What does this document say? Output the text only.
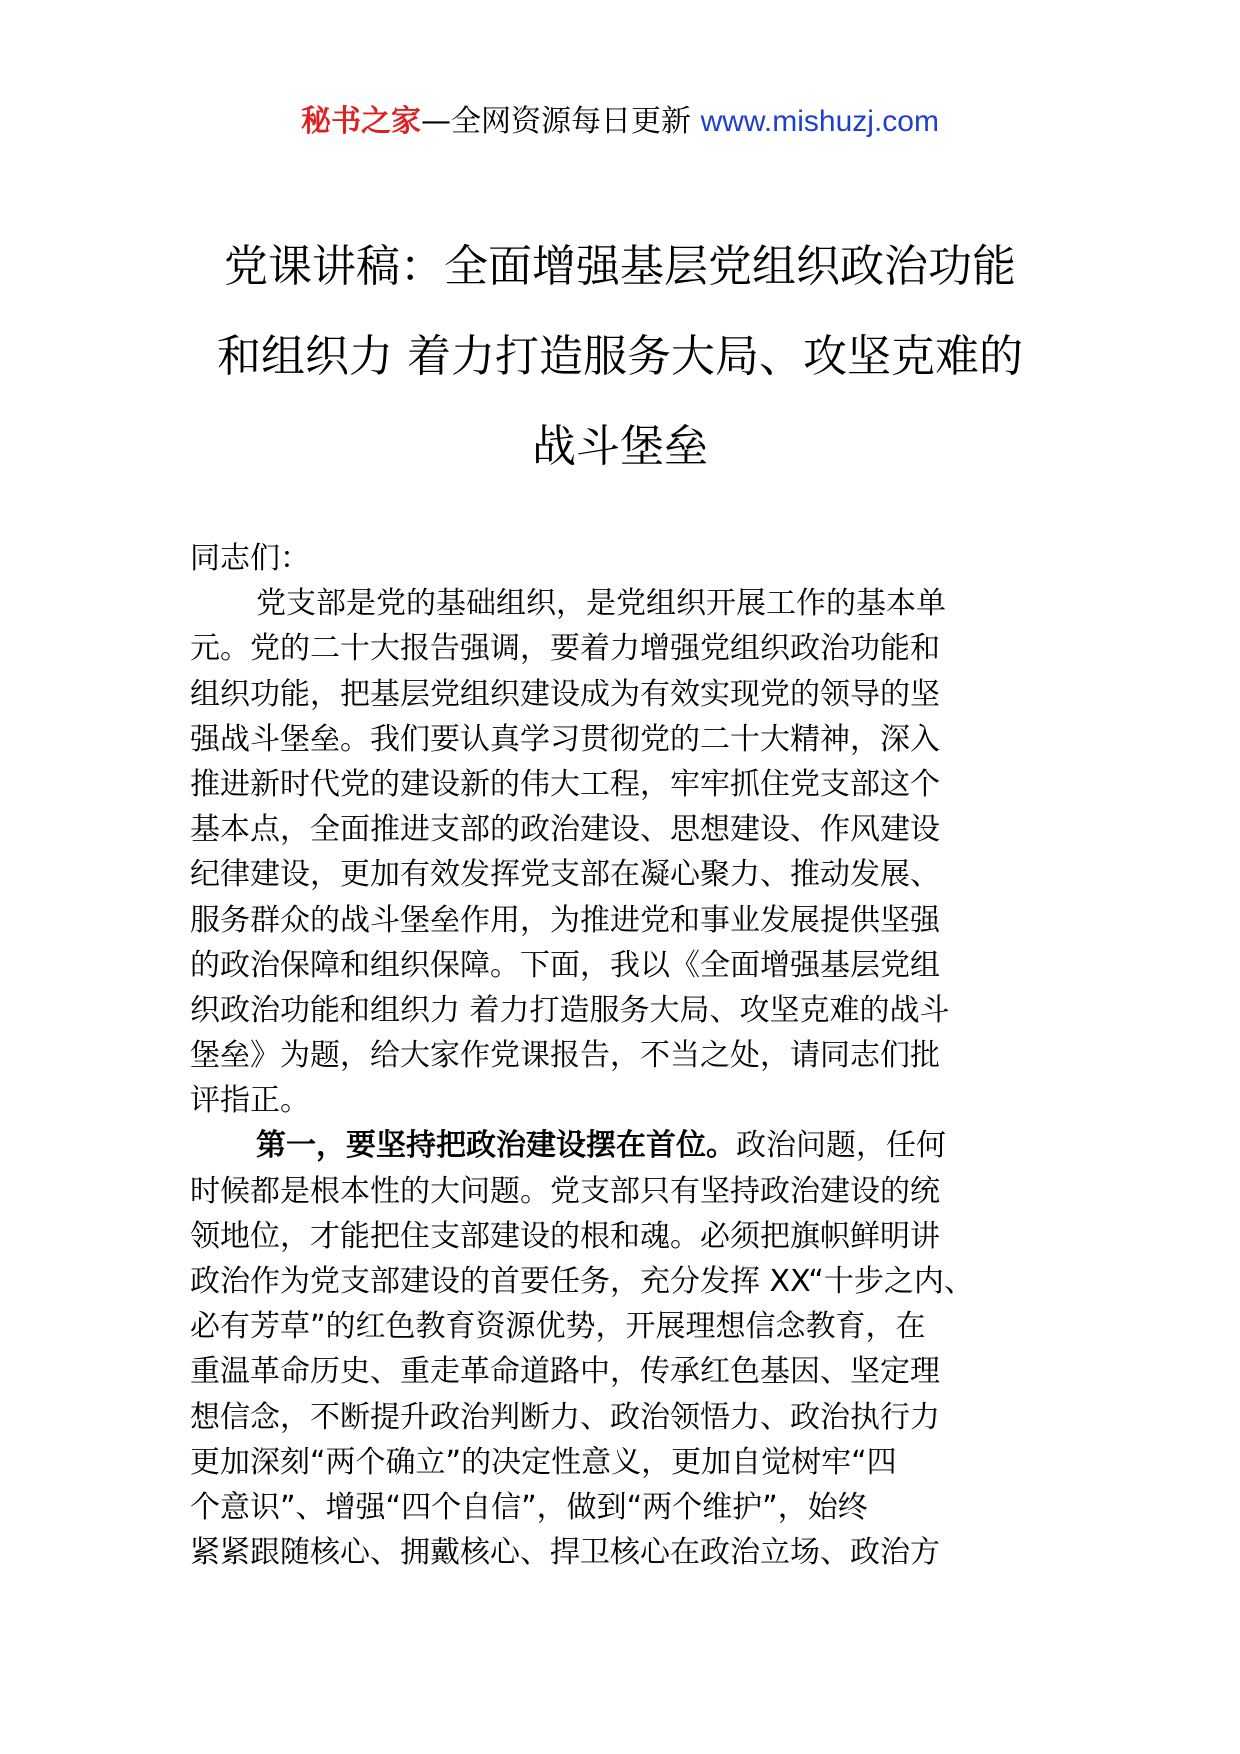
秘书之家—全网资源每日更新 www.mishuzj.com
党课讲稿：全面增强基层党组织政治功能
和组织力 着力打造服务大局、攻坚克难的
战斗堡垒
同志们：
党支部是党的基础组织，是党组织开展工作的基本单
元。党的二十大报告强调，要着力增强党组织政治功能和
组织功能，把基层党组织建设成为有效实现党的领导的坚
强战斗堡垒。我们要认真学习贯彻党的二十大精神，深入
推进新时代党的建设新的伟大工程，牢牢抓住党支部这个
基本点，全面推进支部的政治建设、思想建设、作风建设
纪律建设，更加有效发挥党支部在凝心聚力、推动发展、
服务群众的战斗堡垒作用，为推进党和事业发展提供坚强
的政治保障和组织保障。下面，我以《全面增强基层党组
织政治功能和组织力 着力打造服务大局、攻坚克难的战斗
堡垒》为题，给大家作党课报告，不当之处，请同志们批
评指正。
第一，要坚持把政治建设摆在首位。政治问题，任何
时候都是根本性的大问题。党支部只有坚持政治建设的统
领地位，才能把住支部建设的根和魂。必须把旗帜鲜明讲
政治作为党支部建设的首要任务，充分发挥 XX“十步之内、
必有芳草”的红色教育资源优势，开展理想信念教育，在
重温革命历史、重走革命道路中，传承红色基因、坚定理
想信念，不断提升政治判断力、政治领悟力、政治执行力
更加深刻“两个确立”的决定性意义，更加自觉树牢“四
个意识”、增强“四个自信”，做到“两个维护”，始终
紧紧跟随核心、拥戴核心、捍卫核心在政治立场、政治方
